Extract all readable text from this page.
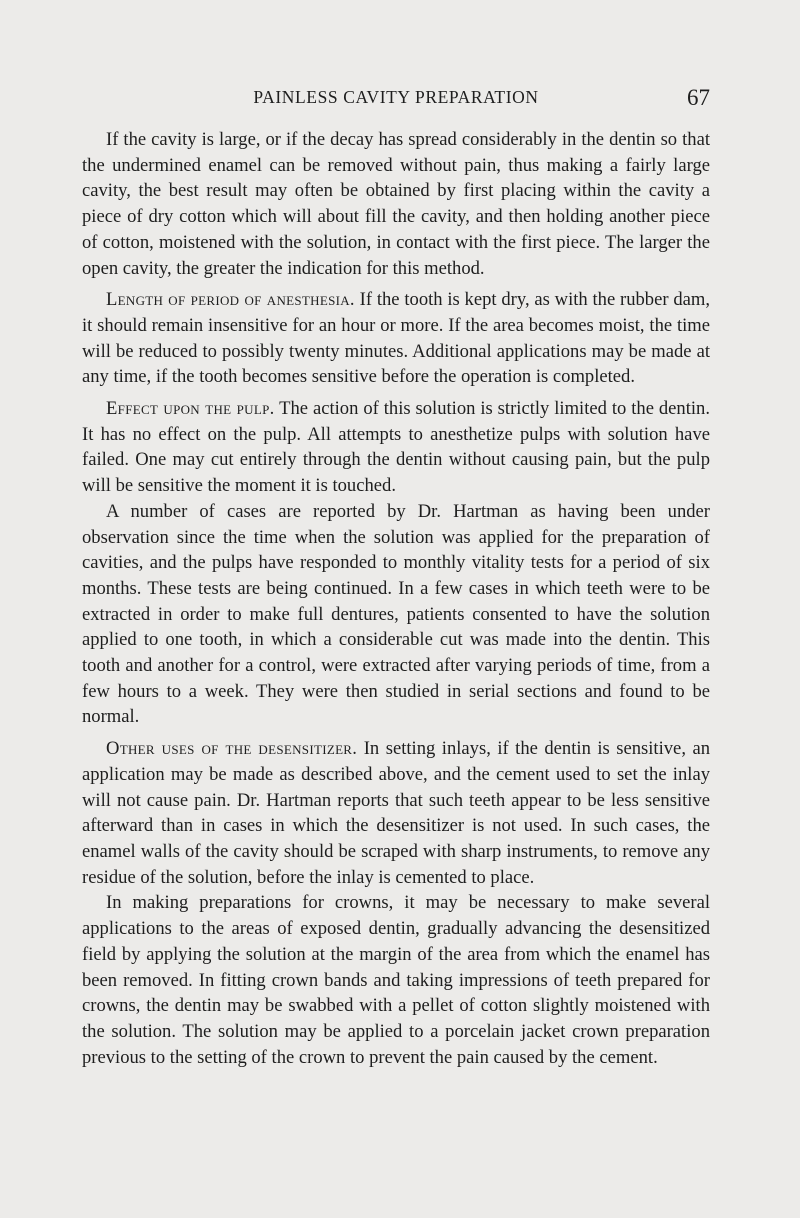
PAINLESS CAVITY PREPARATION	67

If the cavity is large, or if the decay has spread considerably in the dentin so that the undermined enamel can be removed without pain, thus making a fairly large cavity, the best result may often be obtained by first placing within the cavity a piece of dry cotton which will about fill the cavity, and then holding another piece of cotton, moistened with the solution, in contact with the first piece. The larger the open cavity, the greater the indication for this method.

Length of period of anesthesia. If the tooth is kept dry, as with the rubber dam, it should remain insensitive for an hour or more. If the area becomes moist, the time will be reduced to possibly twenty minutes. Additional applications may be made at any time, if the tooth becomes sensitive before the operation is completed.

Effect upon the pulp. The action of this solution is strictly limited to the dentin. It has no effect on the pulp. All attempts to anesthetize pulps with solution have failed. One may cut entirely through the dentin without causing pain, but the pulp will be sensitive the moment it is touched.

A number of cases are reported by Dr. Hartman as having been under observation since the time when the solution was applied for the preparation of cavities, and the pulps have responded to monthly vitality tests for a period of six months. These tests are being continued. In a few cases in which teeth were to be extracted in order to make full dentures, patients consented to have the solution applied to one tooth, in which a considerable cut was made into the dentin. This tooth and another for a control, were extracted after varying periods of time, from a few hours to a week. They were then studied in serial sections and found to be normal.

Other uses of the desensitizer. In setting inlays, if the dentin is sensitive, an application may be made as described above, and the cement used to set the inlay will not cause pain. Dr. Hartman reports that such teeth appear to be less sensitive afterward than in cases in which the desensitizer is not used. In such cases, the enamel walls of the cavity should be scraped with sharp instruments, to remove any residue of the solution, before the inlay is cemented to place.

In making preparations for crowns, it may be necessary to make several applications to the areas of exposed dentin, gradually advancing the desensitized field by applying the solution at the margin of the area from which the enamel has been removed. In fitting crown bands and taking impressions of teeth prepared for crowns, the dentin may be swabbed with a pellet of cotton slightly moistened with the solution. The solution may be applied to a porcelain jacket crown preparation previous to the setting of the crown to prevent the pain caused by the cement.
